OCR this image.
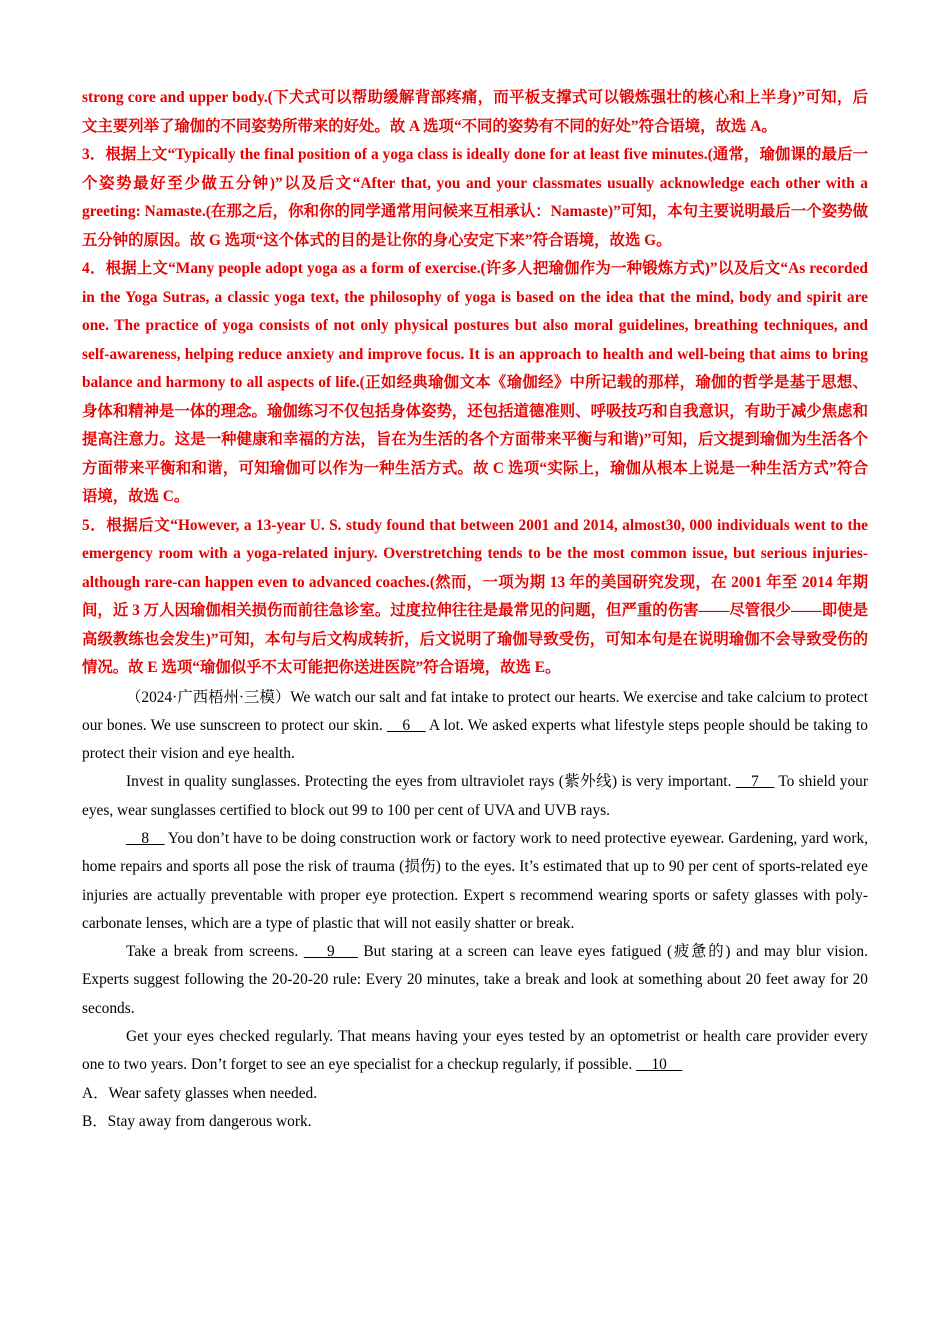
strong core and upper body.(下犬式可以帮助缓解背部疼痛，而平板支撑式可以锻炼强壮的核心和上半身)”可知，后文主要列举了瑜伽的不同姿势所带来的好处。故 A 选项“不同的姿势有不同的好处”符合语境，故选 A。

3．根据上文“Typically the final position of a yoga class is ideally done for at least five minutes.(通常，瑜伽课的最后一个姿势最好至少做五分钟)”以及后文“After that, you and your classmates usually acknowledge each other with a greeting: Namaste.(在那之后，你和你的同学通常用问候来互相承认：Namaste)”可知，本句主要说明最后一个姿势做五分钟的原因。故 G 选项“这个体式的目的是让你的身心安定下来”符合语境，故选 G。

4．根据上文“Many people adopt yoga as a form of exercise.(许多人把瑜伽作为一种锻炼方式)”以及后文“As recorded in the Yoga Sutras, a classic yoga text, the philosophy of yoga is based on the idea that the mind, body and spirit are one. The practice of yoga consists of not only physical postures but also moral guidelines, breathing techniques, and self-awareness, helping reduce anxiety and improve focus. It is an approach to health and well-being that aims to bring balance and harmony to all aspects of life.(正如经典瑜伽文本《瑜伽经》中所记载的那样，瑜伽的哲学是基于思想、身体和精神是一体的理念。瑜伽练习不仅包括身体姿势，还包括道德准则、呼吸技巧和自我意识，有助于减少焦虑和提高注意力。这是一种健康和幸福的方法，旨在为生活的各个方面带来平衡与和谐)”可知，后文提到瑜伽为生活各个方面带来平衡和和谐，可知瑜伽可以作为一种生活方式。故 C 选项“实际上，瑜伽从根本上说是一种生活方式”符合语境，故选 C。

5．根据后文“However, a 13-year U. S. study found that between 2001 and 2014, almost30, 000 individuals went to the emergency room with a yoga-related injury. Overstretching tends to be the most common issue, but serious injuries-although rare-can happen even to advanced coaches.(然而，一项为期 13 年的美国研究发现，在 2001 年至 2014 年期间，近 3 万人因瑜伽相关损伤而前往急诊室。过度拉伸往往是最常见的问题，但严重的伤害——尽管很少——即使是高级教练也会发生)”可知，本句与后文构成转折，后文说明了瑜伽导致受伤，可知本句是在说明瑜伽不会导致受伤的情况。故 E 选项“瑜伽似乎不太可能把你送进医院”符合语境，故选 E。

（2024·广西梧州·三模）We watch our salt and fat intake to protect our hearts. We exercise and take calcium to protect our bones. We use sunscreen to protect our skin. __6__ A lot. We asked experts what lifestyle steps people should be taking to protect their vision and eye health.

Invest in quality sunglasses. Protecting the eyes from ultraviolet rays (紫外线) is very important. __7__ To shield your eyes, wear sunglasses certified to block out 99 to 100 per cent of UVA and UVB rays.

__8__ You don’t have to be doing construction work or factory work to need protective eyewear. Gardening, yard work, home repairs and sports all pose the risk of trauma (损伤) to the eyes. It’s estimated that up to 90 per cent of sports-related eye injuries are actually preventable with proper eye protection. Expert s recommend wearing sports or safety glasses with poly-carbonate lenses, which are a type of plastic that will not easily shatter or break.

Take a break from screens. ___9___ But staring at a screen can leave eyes fatigued (疲惫的) and may blur vision. Experts suggest following the 20-20-20 rule: Every 20 minutes, take a break and look at something about 20 feet away for 20 seconds.

Get your eyes checked regularly. That means having your eyes tested by an optometrist or health care provider every one to two years. Don’t forget to see an eye specialist for a checkup regularly, if possible. __10__

A．Wear safety glasses when needed.

B．Stay away from dangerous work.
